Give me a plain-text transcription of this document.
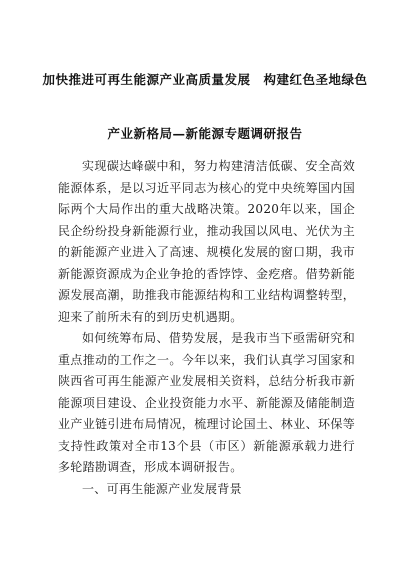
加快推进可再生能源产业高质量发展　构建红色圣地绿色
产业新格局—新能源专题调研报告

实现碳达峰碳中和，努力构建清洁低碳、安全高效能源体系，是以习近平同志为核心的党中央统筹国内国际两个大局作出的重大战略决策。2020年以来，国企民企纷纷投身新能源行业，推动我国以风电、光伏为主的新能源产业进入了高速、规模化发展的窗口期，我市新能源资源成为企业争抢的香饽饽、金疙瘩。借势新能源发展高潮，助推我市能源结构和工业结构调整转型，迎来了前所未有的到历史机遇期。

如何统筹布局、借势发展，是我市当下亟需研究和重点推动的工作之一。今年以来，我们认真学习国家和陕西省可再生能源产业发展相关资料，总结分析我市新能源项目建设、企业投资能力水平、新能源及储能制造业产业链引进布局情况，梳理讨论国土、林业、环保等支持性政策对全市13个县（市区）新能源承载力进行多轮踏勘调查，形成本调研报告。

一、可再生能源产业发展背景
